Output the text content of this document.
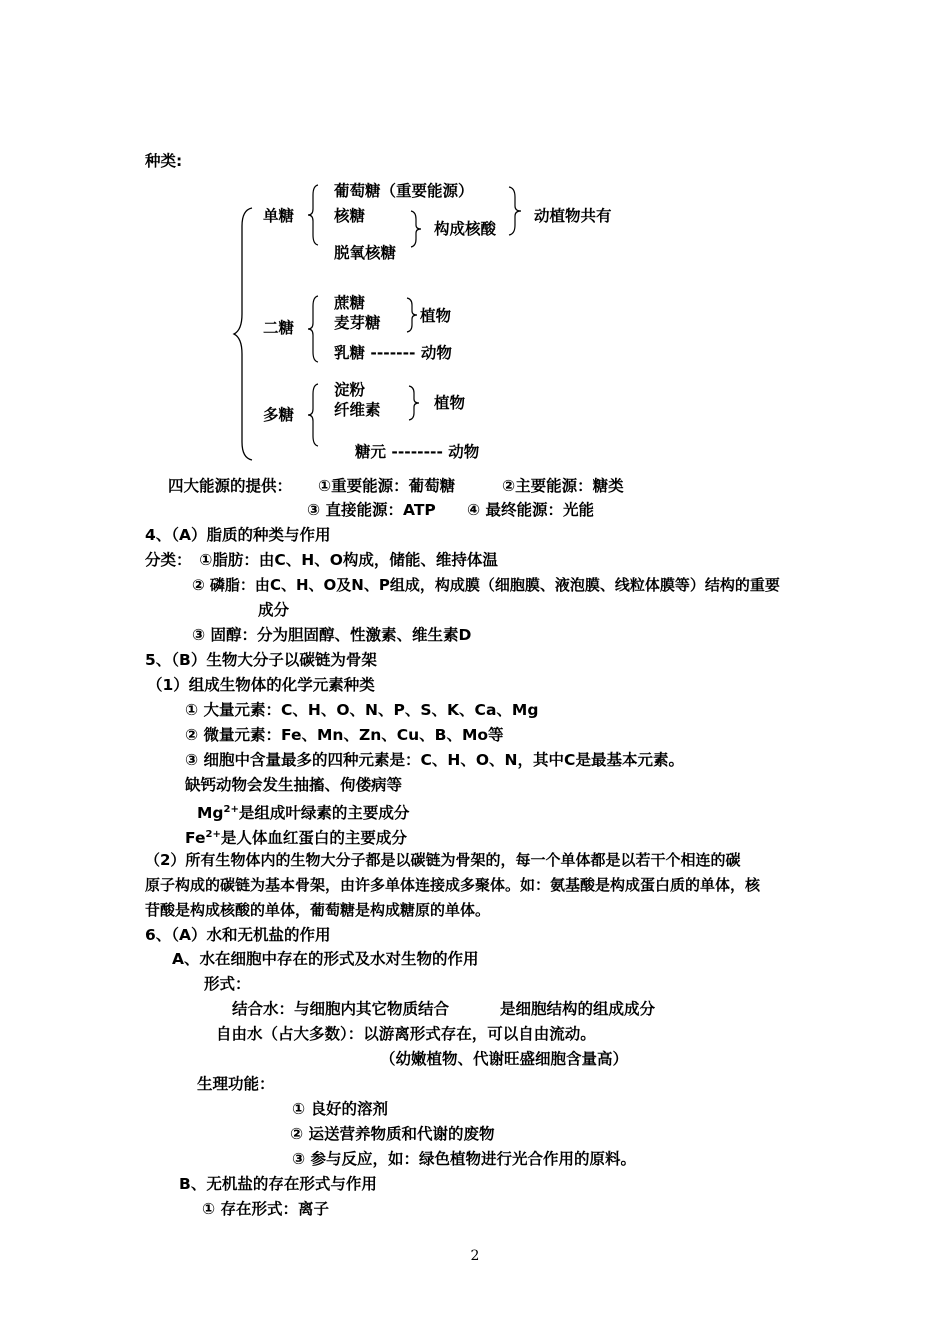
种类:
单糖
葡萄糖（重要能源）
核糖
脱氧核糖
构成核酸
动植物共有
二糖
蔗糖
麦芽糖	植物
乳糖 ------- 动物
多糖
淀粉
纤维素	植物
糖元 -------- 动物
四大能源的提供： ①重要能源：葡萄糖	②主要能源：糖类
③ 直接能源：ATP ④ 最终能源：光能
4、（A）脂质的种类与作用
分类：　①脂肪：由C、H、O构成，储能、维持体温
② 磷脂：由C、H、O及N、P组成，构成膜（细胞膜、液泡膜、线粒体膜等）结构的重要
成分
③ 固醇：分为胆固醇、性激素、维生素D
5、（B）生物大分子以碳链为骨架
（1）组成生物体的化学元素种类
① 大量元素：C、H、O、N、P、S、K、Ca、Mg
② 微量元素：Fe、Mn、Zn、Cu、B、Mo等
③ 细胞中含量最多的四种元素是：C、H、O、N，其中C是最基本元素。
缺钙动物会发生抽搐、佝偻病等
$Mg^{2+}$是组成叶绿素的主要成分
$Fe^{2+}$是人体血红蛋白的主要成分
（2）所有生物体内的生物大分子都是以碳链为骨架的，每一个单体都是以若干个相连的碳
原子构成的碳链为基本骨架，由许多单体连接成多聚体。如：氨基酸是构成蛋白质的单体，核
苷酸是构成核酸的单体，葡萄糖是构成糖原的单体。
6、（A）水和无机盐的作用
A、水在细胞中存在的形式及水对生物的作用
形式：
结合水：与细胞内其它物质结合	是细胞结构的组成成分
自由水（占大多数）：以游离形式存在，可以自由流动。
（幼嫩植物、代谢旺盛细胞含量高）
生理功能：
① 良好的溶剂
② 运送营养物质和代谢的废物
③ 参与反应，如：绿色植物进行光合作用的原料。
B、无机盐的存在形式与作用
① 存在形式：离子
2
